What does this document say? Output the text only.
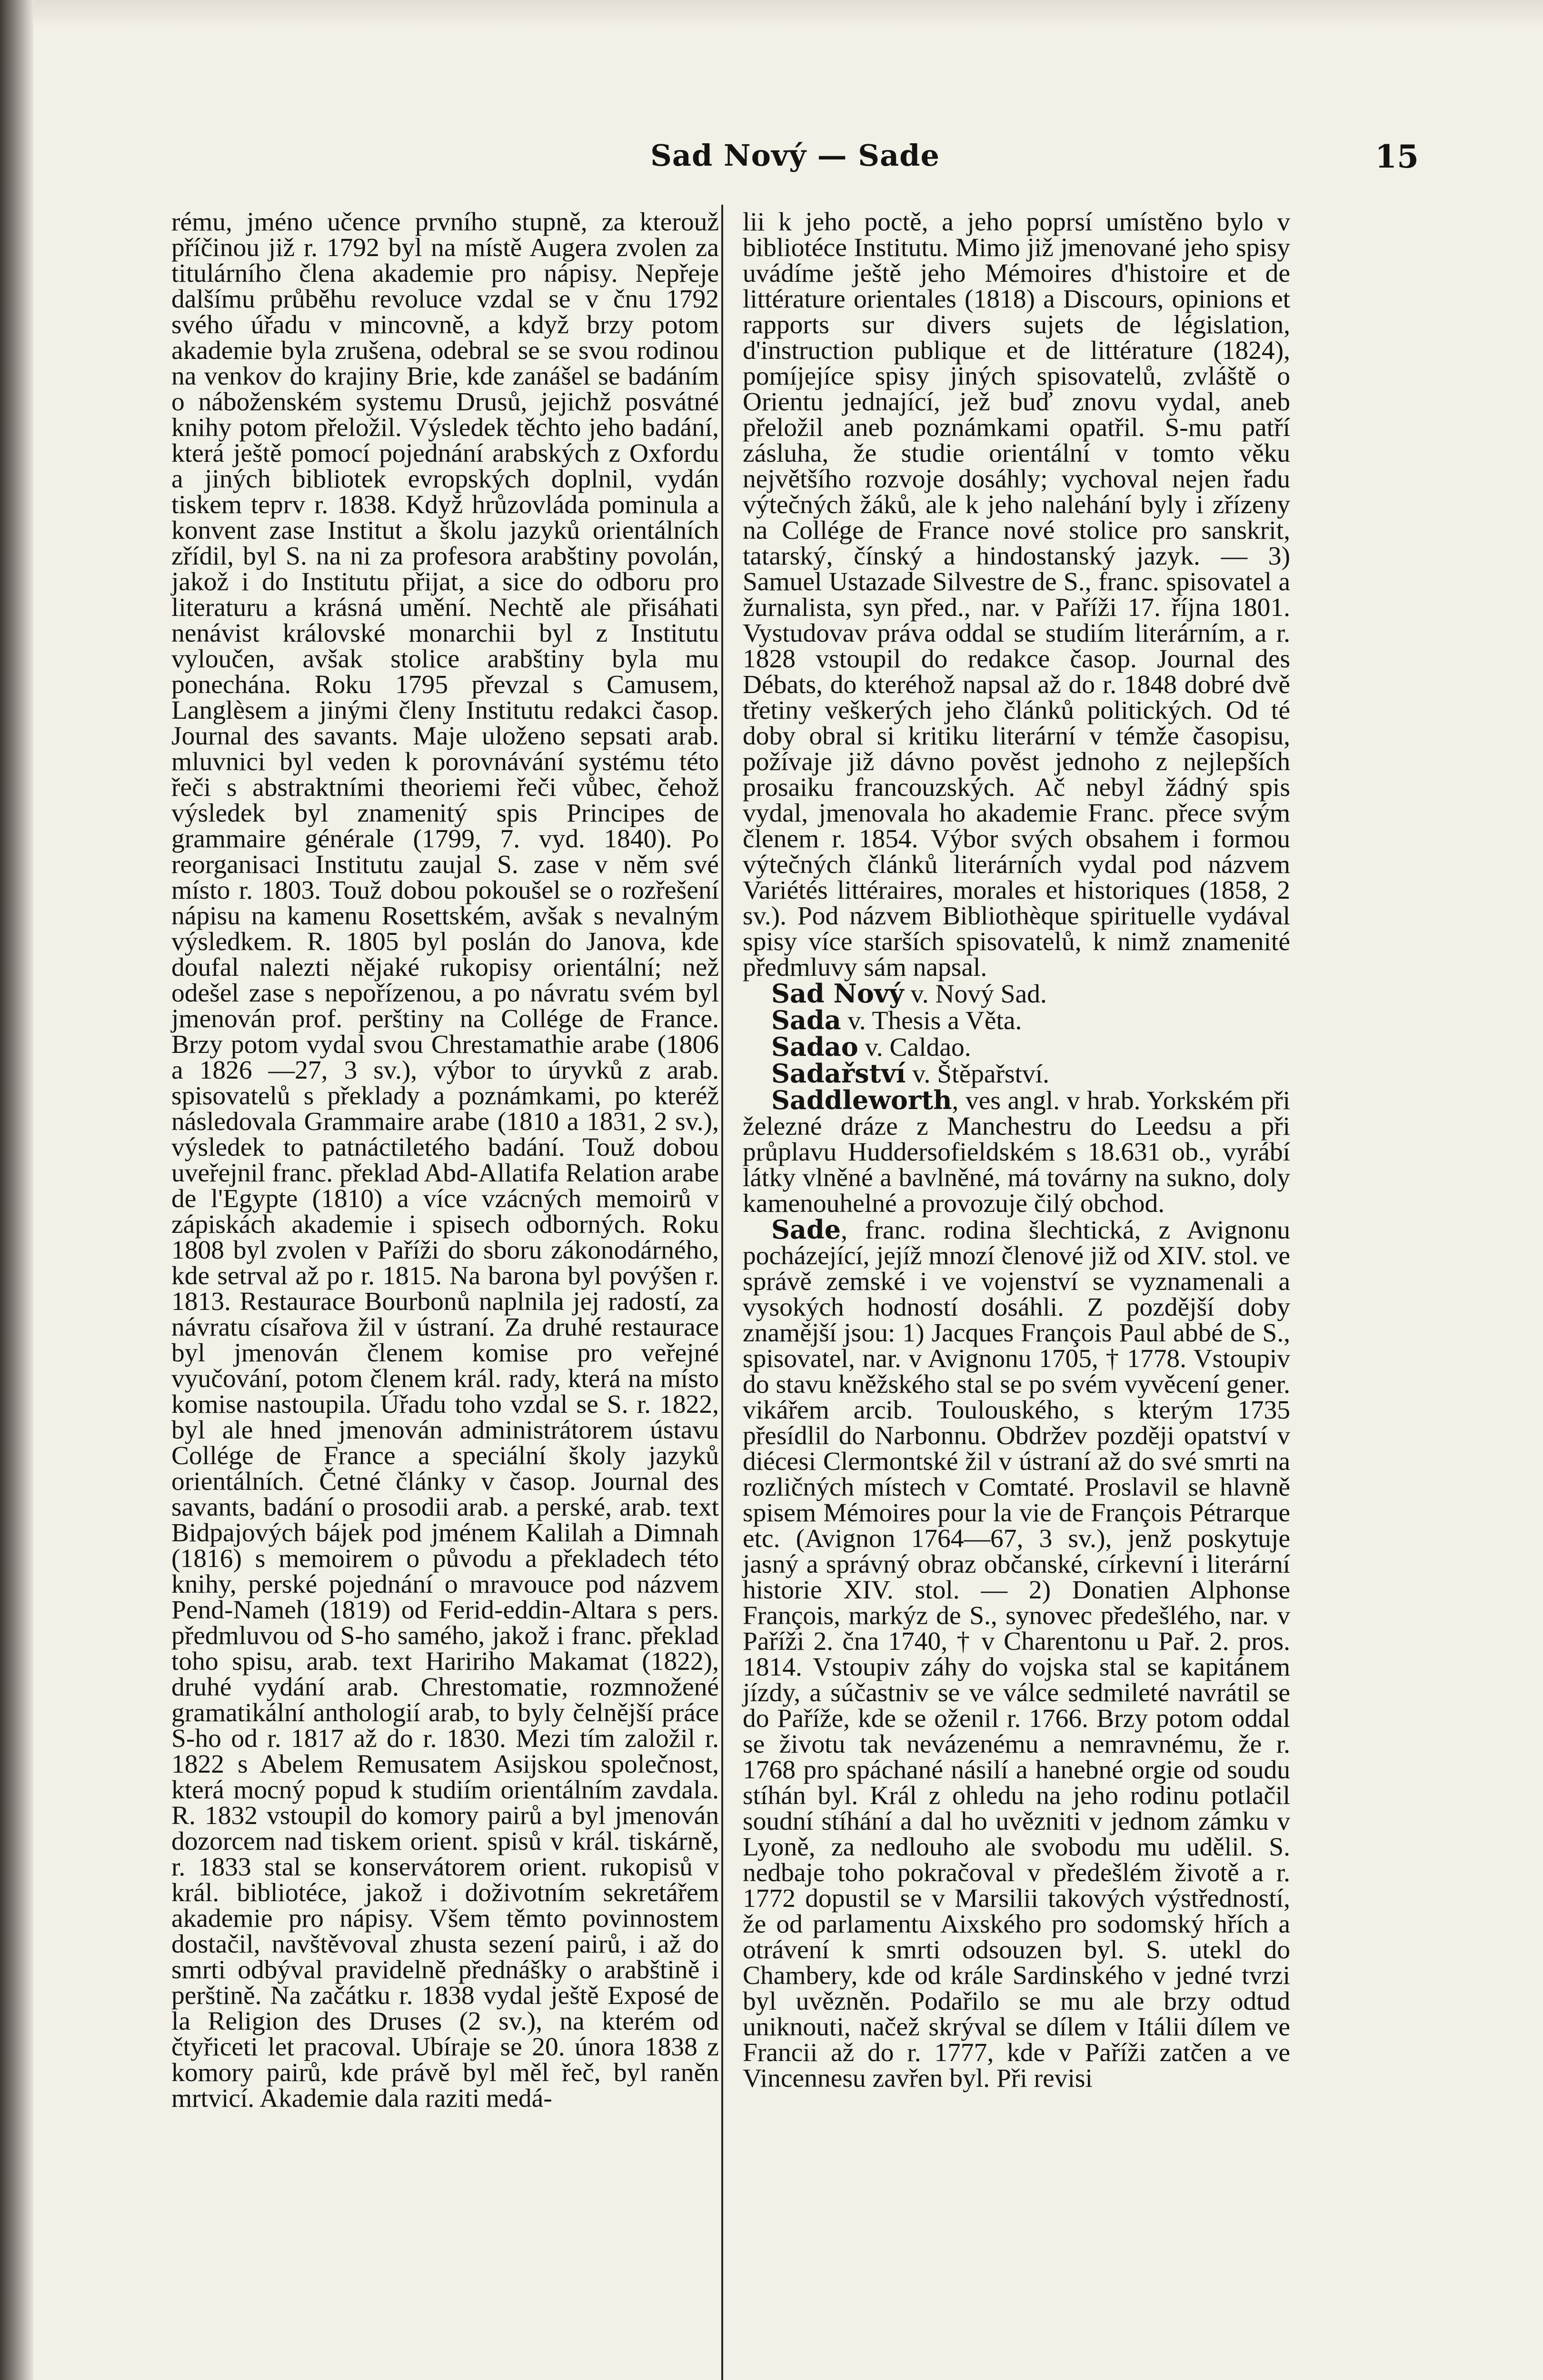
Sad Nový — Sade	15

rému, jméno učence prvního stupně, za kterouž příčinou již r. 1792 byl na místě Augera zvolen za titulárního člena akademie pro nápisy. Nepřeje dalšímu průběhu revoluce vzdal se v čnu 1792 svého úřadu v mincovně, a když brzy potom akademie byla zrušena, odebral se se svou rodinou na venkov do krajiny Brie, kde zanášel se badáním o náboženském systemu Drusů, jejichž posvátné knihy potom přeložil. Výsledek těchto jeho badání, která ještě pomocí pojednání arabských z Oxfordu a jiných bibliotek evropských doplnil, vydán tiskem teprv r. 1838. Když hrůzovláda pominula a konvent zase Institut a školu jazyků orientálních zřídil, byl S. na ni za profesora arabštiny povolán, jakož i do Institutu přijat, a sice do odboru pro literaturu a krásná umění. Nechtě ale přisáhati nenávist královské monarchii byl z Institutu vyloučen, avšak stolice arabštiny byla mu ponechána. Roku 1795 převzal s Camusem, Langlèsem a jinými členy Institutu redakci časop. Journal des savants. Maje uloženo sepsati arab. mluvnici byl veden k porovnávání systému této řeči s abstraktními theoriemi řeči vůbec, čehož výsledek byl znamenitý spis Principes de grammaire générale (1799, 7. vyd. 1840). Po reorganisaci Institutu zaujal S. zase v něm své místo r. 1803. Touž dobou pokoušel se o rozřešení nápisu na kamenu Rosettském, avšak s nevalným výsledkem. R. 1805 byl poslán do Janova, kde doufal nalezti nějaké rukopisy orientální; než odešel zase s nepořízenou, a po návratu svém byl jmenován prof. perštiny na Collége de France. Brzy potom vydal svou Chrestamathie arabe (1806 a 1826 —27, 3 sv.), výbor to úryvků z arab. spisovatelů s překlady a poznámkami, po kteréž následovala Grammaire arabe (1810 a 1831, 2 sv.), výsledek to patnáctiletého badání. Touž dobou uveřejnil franc. překlad Abd-Allatifa Relation arabe de l'Egypte (1810) a více vzácných memoirů v zápiskách akademie i spisech odborných. Roku 1808 byl zvolen v Paříži do sboru zákonodárného, kde setrval až po r. 1815. Na barona byl povýšen r. 1813. Restaurace Bourbonů naplnila jej radostí, za návratu císařova žil v ústraní. Za druhé restaurace byl jmenován členem komise pro veřejné vyučování, potom členem král. rady, která na místo komise nastoupila. Úřadu toho vzdal se S. r. 1822, byl ale hned jmenován administrátorem ústavu Collége de France a speciální školy jazyků orientálních. Četné články v časop. Journal des savants, badání o prosodii arab. a perské, arab. text Bidpajových bájek pod jménem Kalilah a Dimnah (1816) s memoirem o původu a překladech této knihy, perské pojednání o mravouce pod názvem Pend-Nameh (1819) od Ferid-eddin-Altara s pers. předmluvou od S-ho samého, jakož i franc. překlad toho spisu, arab. text Haririho Makamat (1822), druhé vydání arab. Chrestomatie, rozmnožené gramatikální anthologií arab, to byly čelnější práce S-ho od r. 1817 až do r. 1830. Mezi tím založil r. 1822 s Abelem Remusatem Asijskou společnost, která mocný popud k studiím orientálním zavdala. R. 1832 vstoupil do komory pairů a byl jmenován dozorcem nad tiskem orient. spisů v král. tiskárně, r. 1833 stal se konservátorem orient. rukopisů v král. bibliotéce, jakož i doživotním sekretářem akademie pro nápisy. Všem těmto povinnostem dostačil, navštěvoval zhusta sezení pairů, i až do smrti odbýval pravidelně přednášky o arabštině i perštině. Na začátku r. 1838 vydal ještě Exposé de la Religion des Druses (2 sv.), na kterém od čtyřiceti let pracoval. Ubíraje se 20. února 1838 z komory pairů, kde právě byl měl řeč, byl raněn mrtvicí. Akademie dala raziti medá-

lii k jeho poctě, a jeho poprsí umístěno bylo v bibliotéce Institutu. Mimo již jmenované jeho spisy uvádíme ještě jeho Mémoires d'histoire et de littérature orientales (1818) a Discours, opinions et rapports sur divers sujets de législation, d'instruction publique et de littérature (1824), pomíjejíce spisy jiných spisovatelů, zvláště o Orientu jednající, jež buď znovu vydal, aneb přeložil aneb poznámkami opatřil. S-mu patří zásluha, že studie orientální v tomto věku největšího rozvoje dosáhly; vychoval nejen řadu výtečných žáků, ale k jeho nalehání byly i zřízeny na Collége de France nové stolice pro sanskrit, tatarský, čínský a hindostanský jazyk. — 3) Samuel Ustazade Silvestre de S., franc. spisovatel a žurnalista, syn před., nar. v Paříži 17. října 1801. Vystudovav práva oddal se studiím literárním, a r. 1828 vstoupil do redakce časop. Journal des Débats, do kteréhož napsal až do r. 1848 dobré dvě třetiny veškerých jeho článků politických. Od té doby obral si kritiku literární v témže časopisu, požívaje již dávno pověst jednoho z nejlepších prosaiku francouzských. Ač nebyl žádný spis vydal, jmenovala ho akademie Franc. přece svým členem r. 1854. Výbor svých obsahem i formou výtečných článků literárních vydal pod názvem Variétés littéraires, morales et historiques (1858, 2 sv.). Pod názvem Bibliothèque spirituelle vydával spisy více starších spisovatelů, k nimž znamenité předmluvy sám napsal.

Sad Nový v. Nový Sad.

Sada v. Thesis a Věta.

Sadao v. Caldao.

Sadařství v. Štěpařství.

Saddleworth, ves angl. v hrab. Yorkském při železné dráze z Manchestru do Leedsu a při průplavu Huddersofieldském s 18.631 ob., vyrábí látky vlněné a bavlněné, má továrny na sukno, doly kamenouhelné a provozuje čilý obchod.

Sade, franc. rodina šlechtická, z Avignonu pocházející, jejíž mnozí členové již od XIV. stol. ve správě zemské i ve vojenství se vyznamenali a vysokých hodností dosáhli. Z pozdější doby znamější jsou: 1) Jacques François Paul abbé de S., spisovatel, nar. v Avignonu 1705, † 1778. Vstoupiv do stavu kněžského stal se po svém vyvěcení gener. vikářem arcib. Toulouského, s kterým 1735 přesídlil do Narbonnu. Obdržev později opatství v diécesi Clermontské žil v ústraní až do své smrti na rozličných místech v Comtaté. Proslavil se hlavně spisem Mémoires pour la vie de François Pétrarque etc. (Avignon 1764—67, 3 sv.), jenž poskytuje jasný a správný obraz občanské, církevní i literární historie XIV. stol. — 2) Donatien Alphonse François, markýz de S., synovec předešlého, nar. v Paříži 2. čna 1740, † v Charentonu u Pař. 2. pros. 1814. Vstoupiv záhy do vojska stal se kapitánem jízdy, a súčastniv se ve válce sedmileté navrátil se do Paříže, kde se oženil r. 1766. Brzy potom oddal se životu tak nevázenému a nemravnému, že r. 1768 pro spáchané násilí a hanebné orgie od soudu stíhán byl. Král z ohledu na jeho rodinu potlačil soudní stíhání a dal ho uvězniti v jednom zámku v Lyoně, za nedlouho ale svobodu mu udělil. S. nedbaje toho pokračoval v předešlém životě a r. 1772 dopustil se v Marsilii takových výstředností, že od parlamentu Aixského pro sodomský hřích a otrávení k smrti odsouzen byl. S. utekl do Chambery, kde od krále Sardinského v jedné tvrzi byl uvězněn. Podařilo se mu ale brzy odtud uniknouti, načež skrýval se dílem v Itálii dílem ve Francii až do r. 1777, kde v Paříži zatčen a ve Vincennesu zavřen byl. Při revisi
